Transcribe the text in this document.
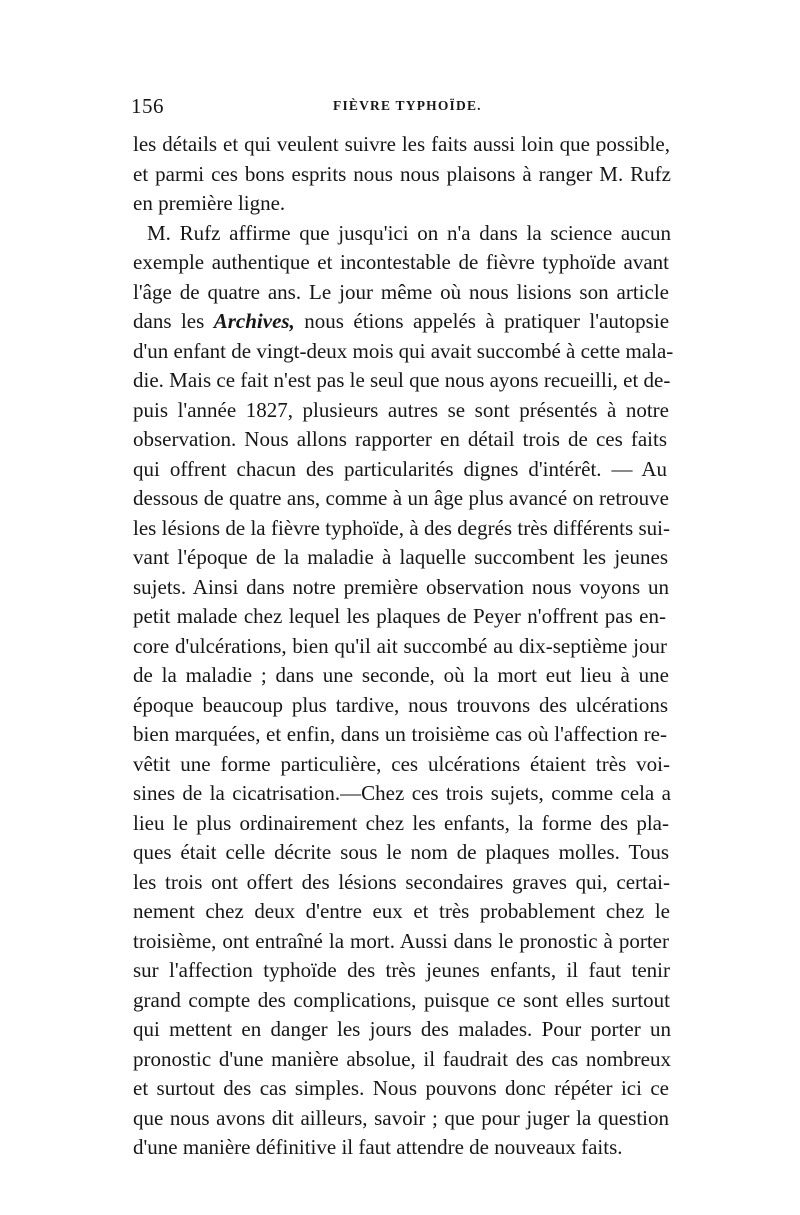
156	FIÈVRE TYPHOÏDE.
les détails et qui veulent suivre les faits aussi loin que possible,
et parmi ces bons esprits nous nous plaisons à ranger M. Rufz
en première ligne.
M. Rufz affirme que jusqu'ici on n'a dans la science aucun
exemple authentique et incontestable de fièvre typhoïde avant
l'âge de quatre ans. Le jour même où nous lisions son article
dans les Archives, nous étions appelés à pratiquer l'autopsie
d'un enfant de vingt-deux mois qui avait succombé à cette mala-
die. Mais ce fait n'est pas le seul que nous ayons recueilli, et de-
puis l'année 1827, plusieurs autres se sont présentés à notre
observation. Nous allons rapporter en détail trois de ces faits
qui offrent chacun des particularités dignes d'intérêt. — Au
dessous de quatre ans, comme à un âge plus avancé on retrouve
les lésions de la fièvre typhoïde, à des degrés très différents sui-
vant l'époque de la maladie à laquelle succombent les jeunes
sujets. Ainsi dans notre première observation nous voyons un
petit malade chez lequel les plaques de Peyer n'offrent pas en-
core d'ulcérations, bien qu'il ait succombé au dix-septième jour
de la maladie ; dans une seconde, où la mort eut lieu à une
époque beaucoup plus tardive, nous trouvons des ulcérations
bien marquées, et enfin, dans un troisième cas où l'affection re-
vêtit une forme particulière, ces ulcérations étaient très voi-
sines de la cicatrisation.—Chez ces trois sujets, comme cela a
lieu le plus ordinairement chez les enfants, la forme des pla-
ques était celle décrite sous le nom de plaques molles. Tous
les trois ont offert des lésions secondaires graves qui, certai-
nement chez deux d'entre eux et très probablement chez le
troisième, ont entraîné la mort. Aussi dans le pronostic à porter
sur l'affection typhoïde des très jeunes enfants, il faut tenir
grand compte des complications, puisque ce sont elles surtout
qui mettent en danger les jours des malades. Pour porter un
pronostic d'une manière absolue, il faudrait des cas nombreux
et surtout des cas simples. Nous pouvons donc répéter ici ce
que nous avons dit ailleurs, savoir ; que pour juger la question
d'une manière définitive il faut attendre de nouveaux faits.
